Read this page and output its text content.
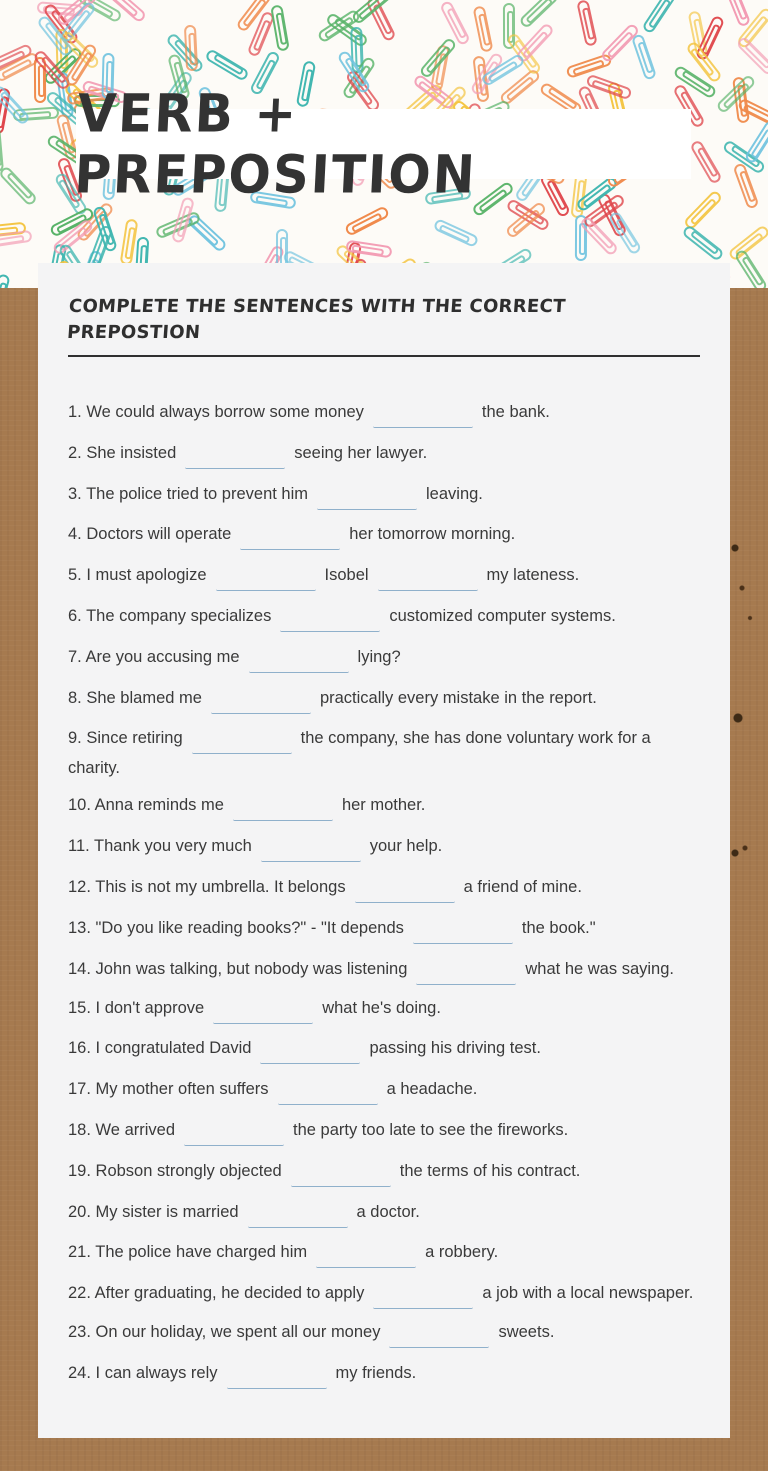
VERB + PREPOSITION
COMPLETE THE SENTENCES WITH THE CORRECT PREPOSTION
1. We could always borrow some money	the bank.
2. She insisted	seeing her lawyer.
3. The police tried to prevent him	leaving.
4. Doctors will operate	her tomorrow morning.
5. I must apologize	Isobel	my lateness.
6. The company specializes	customized computer systems.
7. Are you accusing me	lying?
8. She blamed me	practically every mistake in the report.
9. Since retiring	the company, she has done voluntary work for a charity.
10. Anna reminds me	her mother.
11. Thank you very much	your help.
12. This is not my umbrella. It belongs	a friend of mine.
13. "Do you like reading books?" - "It depends	the book."
14. John was talking, but nobody was listening	what he was saying.
15. I don't approve	what he's doing.
16. I congratulated David	passing his driving test.
17. My mother often suffers	a headache.
18. We arrived	the party too late to see the fireworks.
19. Robson strongly objected	the terms of his contract.
20. My sister is married	a doctor.
21. The police have charged him	a robbery.
22. After graduating, he decided to apply	a job with a local newspaper.
23. On our holiday, we spent all our money	sweets.
24. I can always rely	my friends.
